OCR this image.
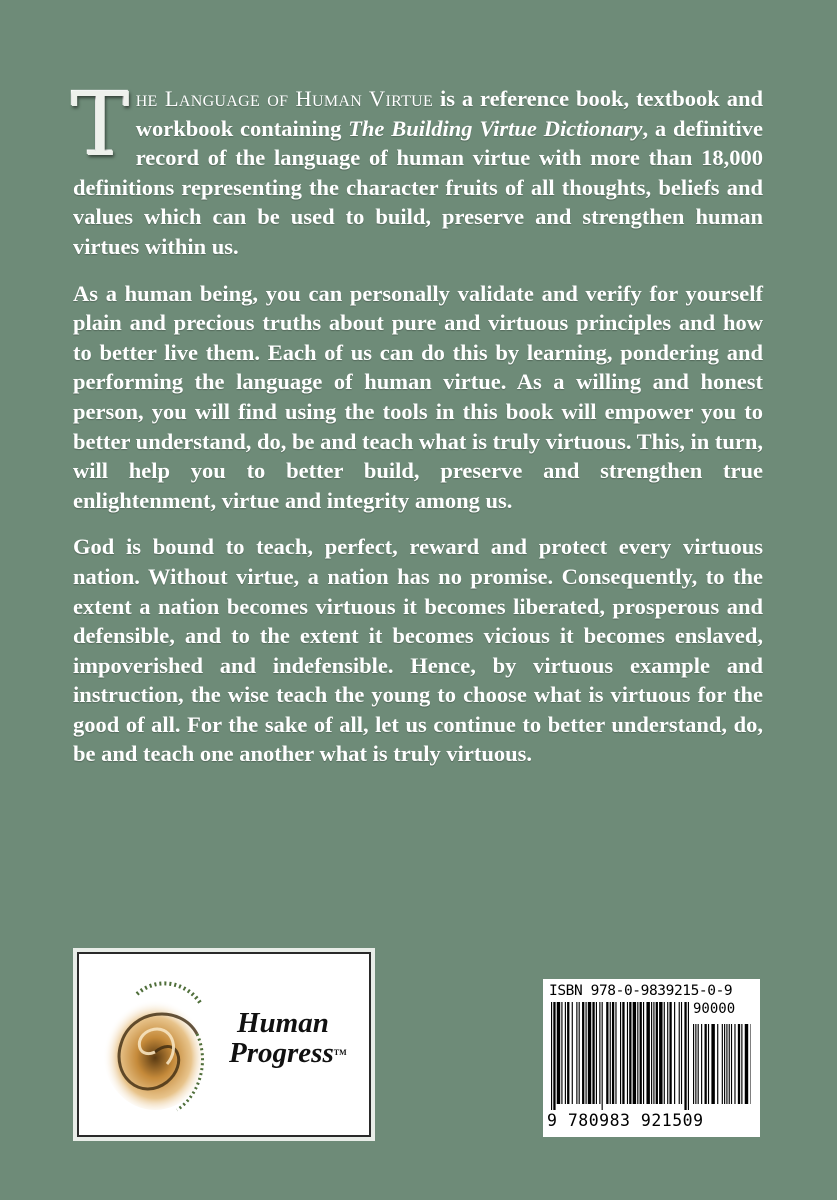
The Language of Human Virtue is a reference book, textbook and workbook containing The Building Virtue Dictionary, a definitive record of the language of human virtue with more than 18,000 definitions representing the character fruits of all thoughts, beliefs and values which can be used to build, preserve and strengthen human virtues within us.

As a human being, you can personally validate and verify for yourself plain and precious truths about pure and virtuous principles and how to better live them. Each of us can do this by learning, pondering and performing the language of human virtue. As a willing and honest person, you will find using the tools in this book will empower you to better understand, do, be and teach what is truly virtuous. This, in turn, will help you to better build, preserve and strengthen true enlightenment, virtue and integrity among us.

God is bound to teach, perfect, reward and protect every virtuous nation. Without virtue, a nation has no promise. Consequently, to the extent a nation becomes virtuous it becomes liberated, prosperous and defensible, and to the extent it becomes vicious it becomes enslaved, impoverished and indefensible. Hence, by virtuous example and instruction, the wise teach the young to choose what is virtuous for the good of all. For the sake of all, let us continue to better understand, do, be and teach one another what is truly virtuous.

Human
Progress™
ISBN 978-0-9839215-0-9
90000
9 780983 921509
